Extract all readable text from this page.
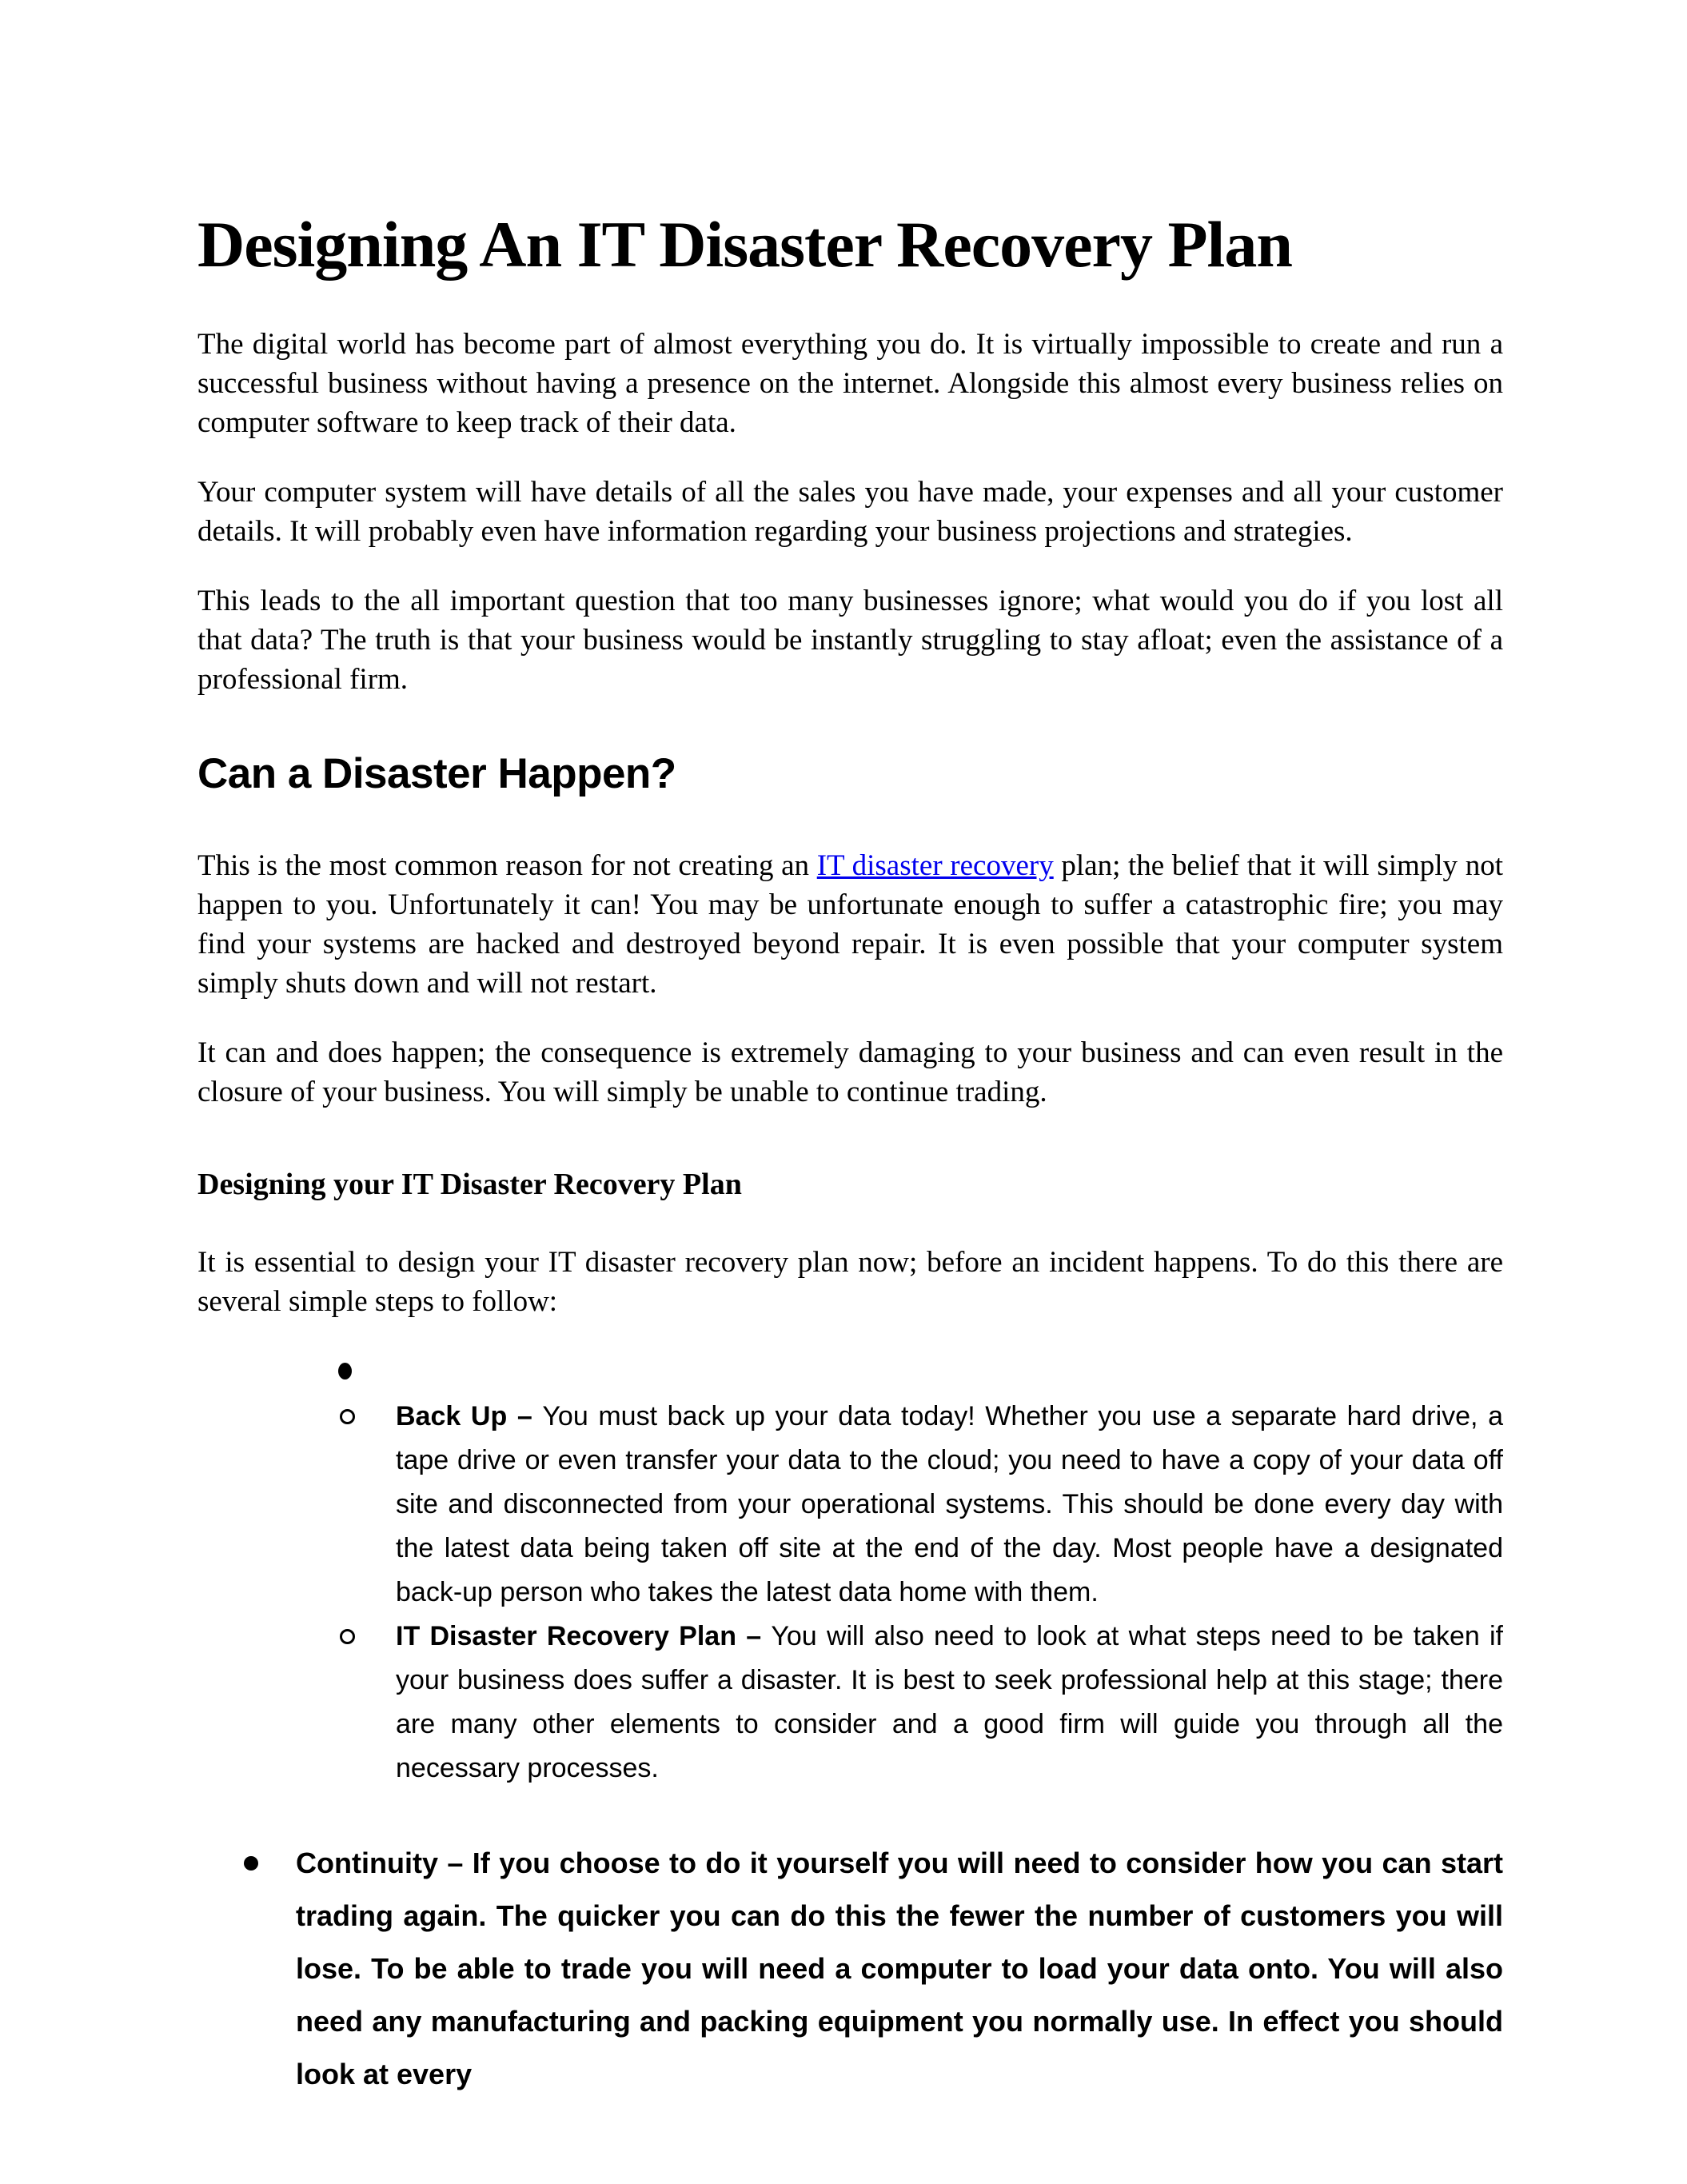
Designing An IT Disaster Recovery Plan

The digital world has become part of almost everything you do. It is virtually impossible to create and run a successful business without having a presence on the internet. Alongside this almost every business relies on computer software to keep track of their data.

Your computer system will have details of all the sales you have made, your expenses and all your customer details. It will probably even have information regarding your business projections and strategies.

This leads to the all important question that too many businesses ignore; what would you do if you lost all that data? The truth is that your business would be instantly struggling to stay afloat; even the assistance of a professional firm.

Can a Disaster Happen?

This is the most common reason for not creating an IT disaster recovery plan; the belief that it will simply not happen to you. Unfortunately it can! You may be unfortunate enough to suffer a catastrophic fire; you may find your systems are hacked and destroyed beyond repair. It is even possible that your computer system simply shuts down and will not restart.

It can and does happen; the consequence is extremely damaging to your business and can even result in the closure of your business. You will simply be unable to continue trading.

Designing your IT Disaster Recovery Plan

It is essential to design your IT disaster recovery plan now; before an incident happens. To do this there are several simple steps to follow:

Back Up – You must back up your data today! Whether you use a separate hard drive, a tape drive or even transfer your data to the cloud; you need to have a copy of your data off site and disconnected from your operational systems. This should be done every day with the latest data being taken off site at the end of the day. Most people have a designated back-up person who takes the latest data home with them.
IT Disaster Recovery Plan – You will also need to look at what steps need to be taken if your business does suffer a disaster. It is best to seek professional help at this stage; there are many other elements to consider and a good firm will guide you through all the necessary processes.
Continuity – If you choose to do it yourself you will need to consider how you can start trading again. The quicker you can do this the fewer the number of customers you will lose. To be able to trade you will need a computer to load your data onto. You will also need any manufacturing and packing equipment you normally use. In effect you should look at every
